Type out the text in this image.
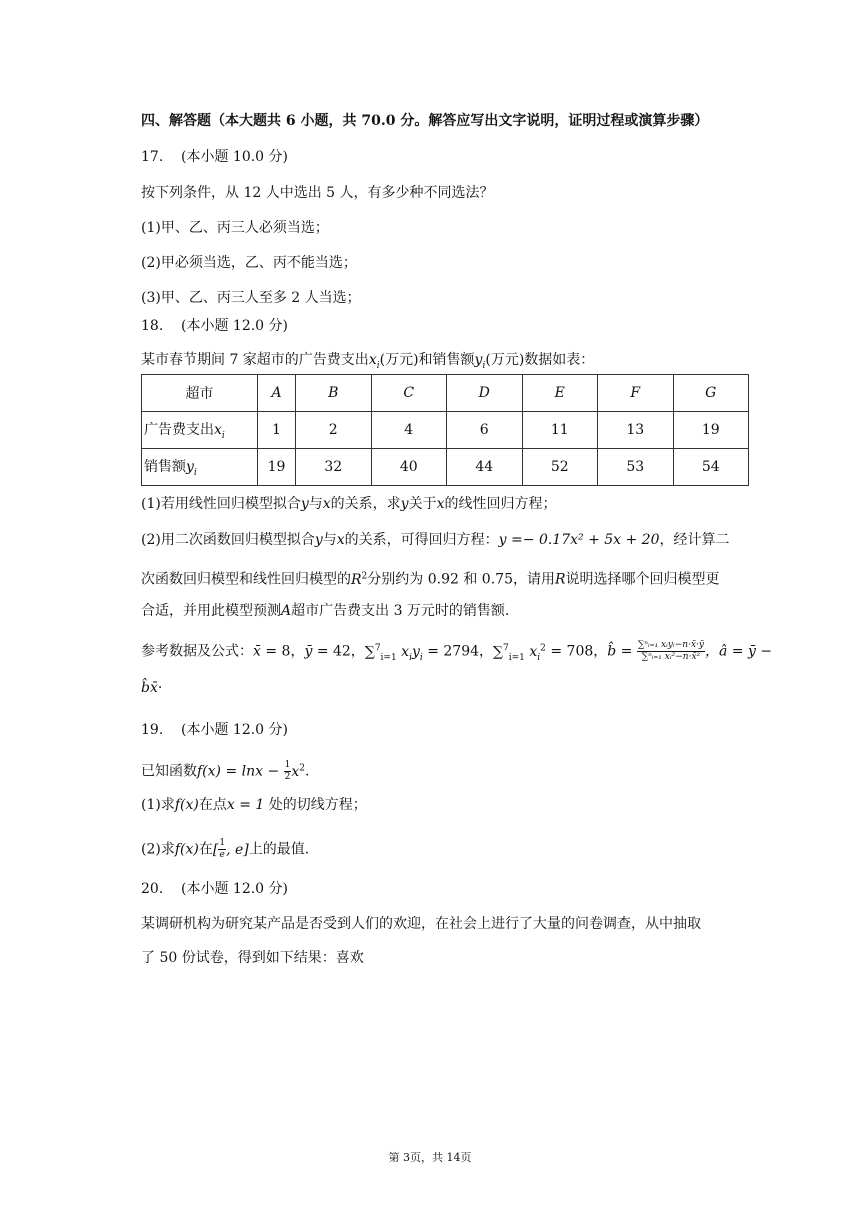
四、解答题（本大题共 6 小题，共 70.0 分。解答应写出文字说明，证明过程或演算步骤）
17. (本小题 10.0 分)
按下列条件，从 12 人中选出 5 人，有多少种不同选法？
(1)甲、乙、丙三人必须当选；
(2)甲必须当选，乙、丙不能当选；
(3)甲、乙、丙三人至多 2 人当选；
18. (本小题 12.0 分)
某市春节期间 7 家超市的广告费支出$x_i$(万元)和销售额$y_i$(万元)数据如表：
超市	A	B	C	D	E	F	G
广告费支出$x_i$	1	2	4	6	11	13	19
销售额$y_i$	19	32	40	44	52	53	54
(1)若用线性回归模型拟合y与x的关系，求y关于x的线性回归方程；
(2)用二次函数回归模型拟合y与x的关系，可得回归方程：y =− 0.17x² + 5x + 20，经计算二
次函数回归模型和线性回归模型的$R^2$分别约为 0.92 和 0.75，请用R说明选择哪个回归模型更
合适，并用此模型预测A超市广告费支出 3 万元时的销售额.
参考数据及公式：x̄ = 8，ȳ = 42，∑$^7_{i=1}$ $x_iy_i = 2794$，∑$^7_{i=1}$ $x_i^2 = 708$，b̂ = $\frac{\text{∑ⁿᵢ₌₁ xᵢyᵢ−n·x̄·ȳ}}{\text{∑ⁿᵢ₌₁ xᵢ²−n·x̄²}}$ ，â = ȳ −
b̂x̄·
19. (本小题 12.0 分)
已知函数$f(x) = \ln x - \frac{1}{2} x^2$.
(1)求f(x)在点x = 1 处的切线方程；
(2)求f(x)在[ $\frac{1}{e}$ , e]上的最值.
20. (本小题 12.0 分)
某调研机构为研究某产品是否受到人们的欢迎，在社会上进行了大量的问卷调查，从中抽取
了 50 份试卷，得到如下结果：喜欢
第 3页，共 14页
